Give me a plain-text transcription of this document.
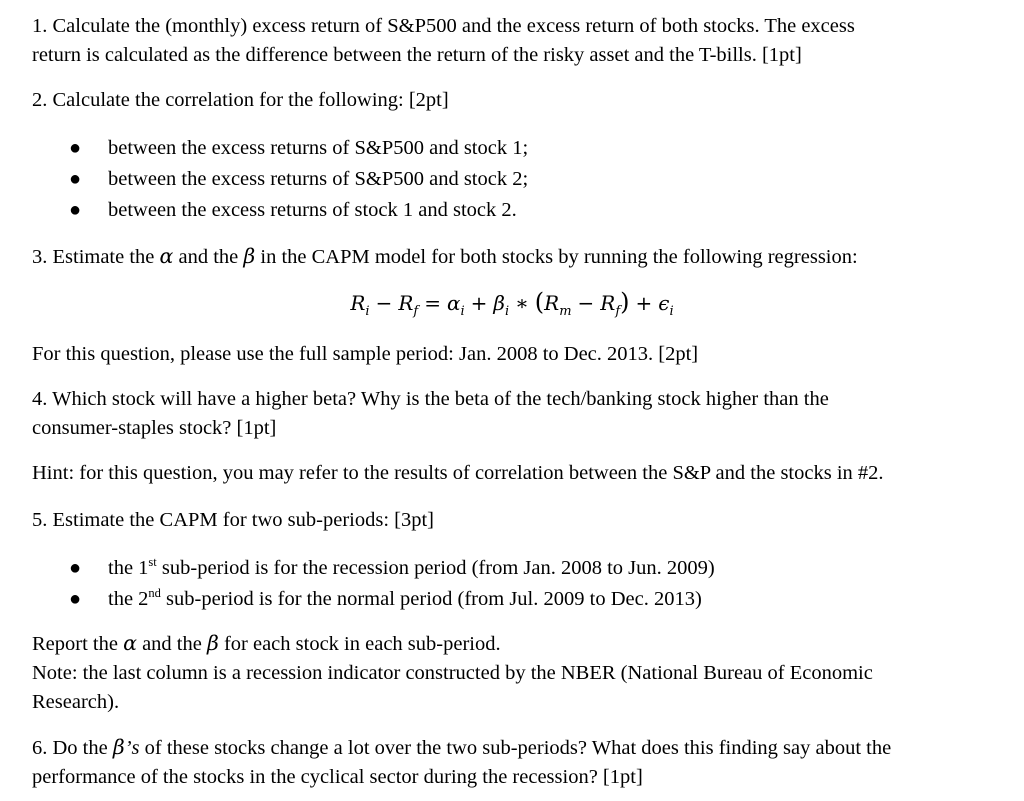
1. Calculate the (monthly) excess return of S&P500 and the excess return of both stocks. The excess
return is calculated as the difference between the return of the risky asset and the T-bills. [1pt]
2. Calculate the correlation for the following: [2pt]
● between the excess returns of S&P500 and stock 1;
● between the excess returns of S&P500 and stock 2;
● between the excess returns of stock 1 and stock 2.
3. Estimate the α and the β in the CAPM model for both stocks by running the following regression:
$R_i - R_f = \alpha_i + \beta_i$ ∗ $(R_m - R_f) + \epsilon_i$
For this question, please use the full sample period: Jan. 2008 to Dec. 2013. [2pt]
4. Which stock will have a higher beta? Why is the beta of the tech/banking stock higher than the
consumer-staples stock? [1pt]
Hint: for this question, you may refer to the results of correlation between the S&P and the stocks in #2.
5. Estimate the CAPM for two sub-periods: [3pt]
● the 1st sub-period is for the recession period (from Jan. 2008 to Jun. 2009)
● the 2nd sub-period is for the normal period (from Jul. 2009 to Dec. 2013)
Report the α and the β for each stock in each sub-period.
Note: the last column is a recession indicator constructed by the NBER (National Bureau of Economic
Research).
6. Do the β’s of these stocks change a lot over the two sub-periods? What does this finding say about the
performance of the stocks in the cyclical sector during the recession? [1pt]
